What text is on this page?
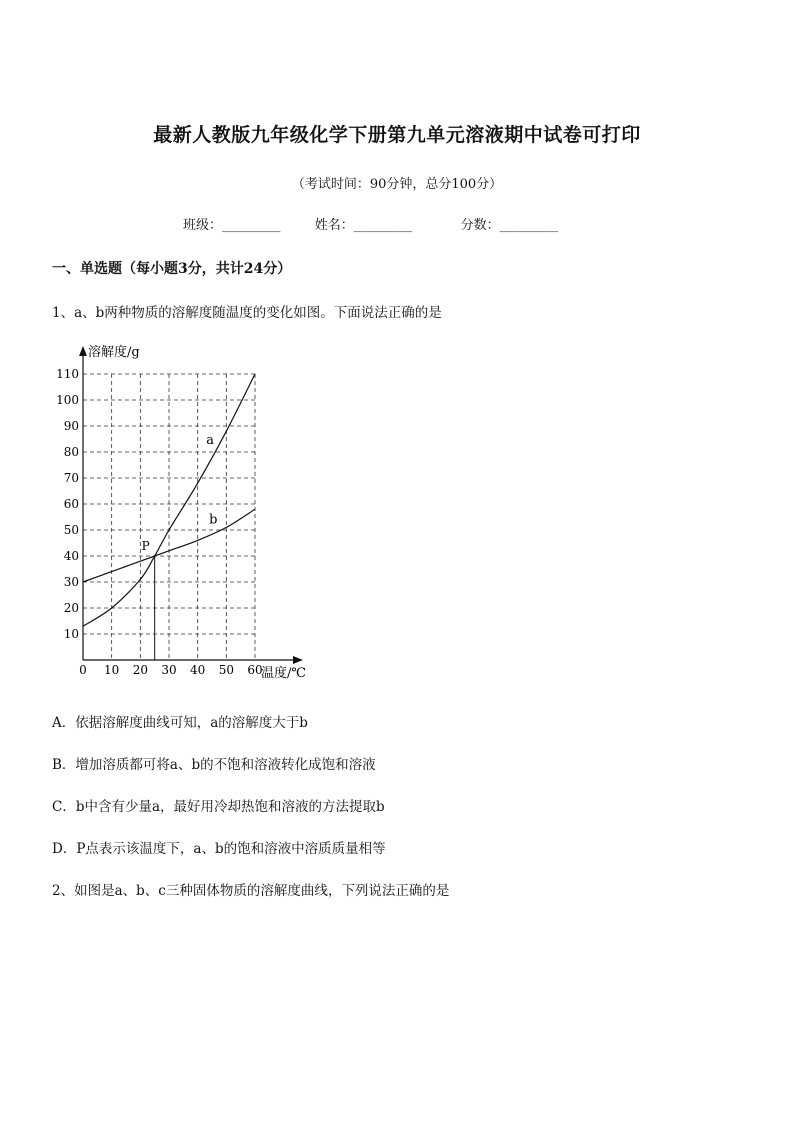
最新人教版九年级化学下册第九单元溶液期中试卷可打印
（考试时间：90分钟，总分100分）
班级：_________	姓名：_________	分数：_________
一、单选题（每小题3分，共计24分）
1、a、b两种物质的溶解度随温度的变化如图。下面说法正确的是
10
20
30
40
50
60
70
80
90
100
110
0 10 20 30 40 50 60
a
b
P
溶解度/g
温度/℃
A．依据溶解度曲线可知，a的溶解度大于b
B．增加溶质都可将a、b的不饱和溶液转化成饱和溶液
C．b中含有少量a，最好用冷却热饱和溶液的方法提取b
D．P点表示该温度下，a、b的饱和溶液中溶质质量相等
2、如图是a、b、c三种固体物质的溶解度曲线，下列说法正确的是
